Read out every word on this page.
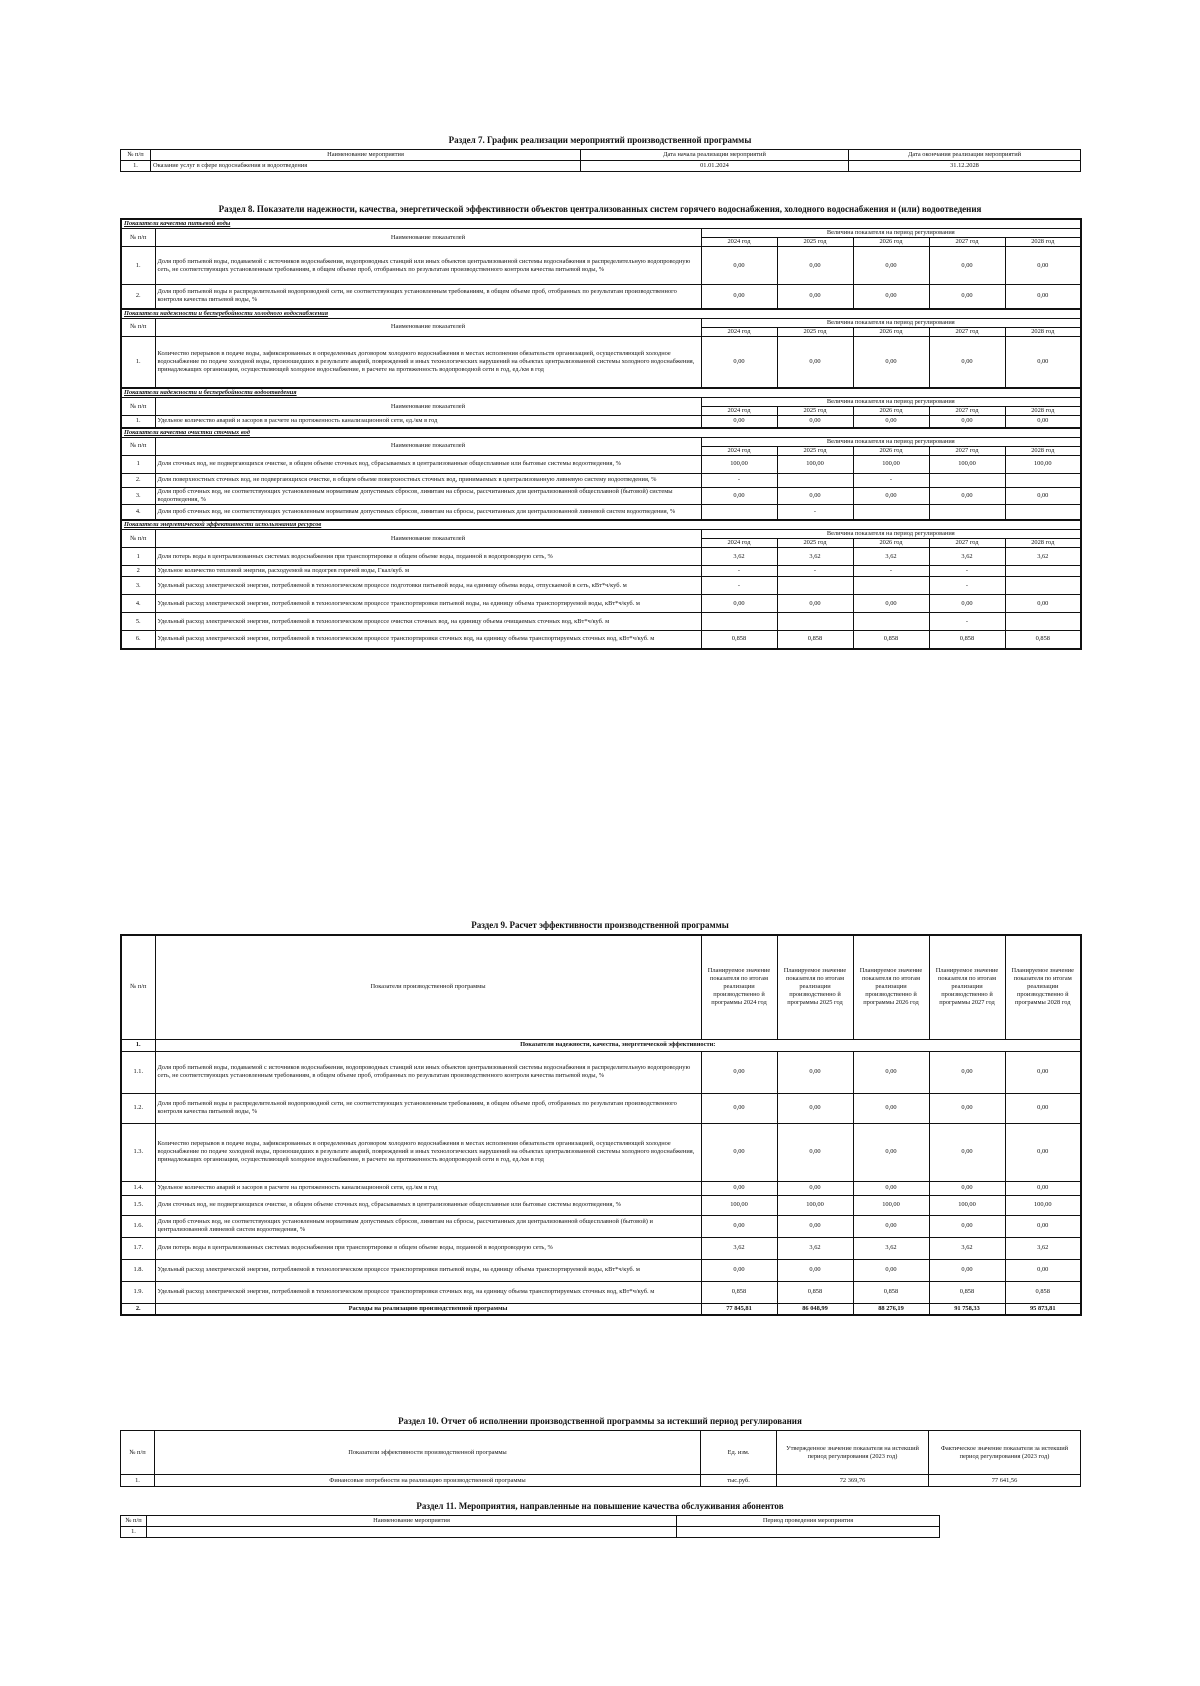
Раздел 7. График реализации мероприятий производственной программы
№ п/п	Наименование мероприятия	Дата начала реализации мероприятий	Дата окончания реализации мероприятий
1.	Оказание услуг в сфере водоснабжения и водоотведения	01.01.2024	31.12.2028
Раздел 8. Показатели надежности, качества, энергетической эффективности объектов централизованных систем горячего водоснабжения, холодного водоснабжения и (или) водоотведения
Показатели качества питьевой воды						
№ п/п	Наименование показателей	Величина показателя на период регулирования				
		2024 год	2025 год	2026 год	2027 год	2028 год
1.	Доля проб питьевой воды, подаваемой с источников водоснабжения, водопроводных станций или иных объектов централизованной системы водоснабжения в распределительную водопроводную сеть, не соответствующих установленным требованиям, в общем объеме проб, отобранных по результатам производственного контроля качества питьевой воды, %	0,00	0,00	0,00	0,00	0,00
2.	Доля проб питьевой воды в распределительной водопроводной сети, не соответствующих установленным требованиям, в общем объеме проб, отобранных по результатам производственного контроля качества питьевой воды, %	0,00	0,00	0,00	0,00	0,00
Показатели надежности и бесперебойности холодного водоснабжения						
№ п/п	Наименование показателей	Величина показателя на период регулирования				
		2024 год	2025 год	2026 год	2027 год	2028 год
1.	Количество перерывов в подаче воды, зафиксированных в определенных договором холодного водоснабжения в местах исполнения обязательств организацией, осуществляющей холодное водоснабжение по подаче холодной воды, произошедших в результате аварий, повреждений и иных технологических нарушений на объектах централизованной системы холодного водоснабжения, принадлежащих организации, осуществляющей холодное водоснабжение, в расчете на протяженность водопроводной сети в год, ед./км в год	0,00	0,00	0,00	0,00	0,00
Показатели надежности и бесперебойности водоотведения						
№ п/п	Наименование показателей	Величина показателя на период регулирования				
		2024 год	2025 год	2026 год	2027 год	2028 год
1.	Удельное количество аварий и засоров в расчете на протяженность канализационной сети, ед./км в год	0,00	0,00	0,00	0,00	0,00
Показатели качества очистки сточных вод						
№ п/п	Наименование показателей	Величина показателя на период регулирования				
		2024 год	2025 год	2026 год	2027 год	2028 год
1	Доля сточных вод, не подвергающихся очистке, в общем объеме сточных вод, сбрасываемых в централизованные общесплавные или бытовые системы водоотведения, %	100,00	100,00	100,00	100,00	100,00
2.	Доля поверхностных сточных вод, не подвергающихся очистке, в общем объеме поверхностных сточных вод, принимаемых в централизованную ливневую систему водоотведения, %	-		-		
3.	Доля проб сточных вод, не соответствующих установленным нормативам допустимых сбросов, лимитам на сбросы, рассчитанных для централизованной общесплавной (бытовой) системы водоотведения, %	0,00	0,00	0,00	0,00	0,00
4.	Доля проб сточных вод, не соответствующих установленным нормативам допустимых сбросов, лимитам на сбросы, рассчитанных для централизованной ливневой систем водоотведения, %		-			
Показатели энергетической эффективности использования ресурсов						
№ п/п	Наименование показателей	Величина показателя на период регулирования				
		2024 год	2025 год	2026 год	2027 год	2028 год
1	Доля потерь воды в централизованных системах водоснабжения при транспортировке в общем объеме воды, поданной в водопроводную сеть, %	3,62	3,62	3,62	3,62	3,62
2	Удельное количество тепловой энергии, расходуемой на подогрев горячей воды, Гкал/куб. м	-	-	-	-	
3.	Удельный расход электрической энергии, потребляемой в технологическом процессе подготовки питьевой воды, на единицу объема воды, отпускаемой в сеть, кВт*ч/куб. м	-			-	
4.	Удельный расход электрической энергии, потребляемой в технологическом процессе транспортировки питьевой воды, на единицу объема транспортируемой воды, кВт*ч/куб. м	0,00	0,00	0,00	0,00	0,00
5.	Удельный расход электрической энергии, потребляемой в технологическом процессе очистки сточных вод, на единицу объема очищаемых сточных вод, кВт*ч/куб. м				-	
6.	Удельный расход электрической энергии, потребляемой в технологическом процессе транспортировки сточных вод, на единицу объема транспортируемых сточных вод, кВт*ч/куб. м	0,858	0,858	0,858	0,858	0,858
Раздел 9. Расчет эффективности производственной программы
№ п/п	Показатели производственной программы	Планируемое значение показателя по итогам реализации производственно й программы 2024 год	Планируемое значение показателя по итогам реализации производственно й программы 2025 год	Планируемое значение показателя по итогам реализации производственно й программы 2026 год	Планируемое значение показателя по итогам реализации производственно й программы 2027 год	Планируемое значение показателя по итогам реализации производственно й программы 2028 год
1.	Показатели надежности, качества, энергетической эффективности:					
1.1.	Доля проб питьевой воды, подаваемой с источников водоснабжения, водопроводных станций или иных объектов централизованной системы водоснабжения в распределительную водопроводную сеть, не соответствующих установленным требованиям, в общем объеме проб, отобранных по результатам производственного контроля качества питьевой воды, %	0,00	0,00	0,00	0,00	0,00
1.2.	Доля проб питьевой воды в распределительной водопроводной сети, не соответствующих установленным требованиям, в общем объеме проб, отобранных по результатам производственного контроля качества питьевой воды, %	0,00	0,00	0,00	0,00	0,00
1.3.	Количество перерывов в подаче воды, зафиксированных в определенных договором холодного водоснабжения в местах исполнения обязательств организацией, осуществляющей холодное водоснабжение по подаче холодной воды, произошедших в результате аварий, повреждений и иных технологических нарушений на объектах централизованной системы холодного водоснабжения, принадлежащих организации, осуществляющей холодное водоснабжение, в расчете на протяженность водопроводной сети в год, ед./км в год	0,00	0,00	0,00	0,00	0,00
1.4.	Удельное количество аварий и засоров в расчете на протяженность канализационной сети, ед./км в год	0,00	0,00	0,00	0,00	0,00
1.5.	Доля сточных вод, не подвергающихся очистке, в общем объеме сточных вод, сбрасываемых в централизованные общесплавные или бытовые системы водоотведения, %	100,00	100,00	100,00	100,00	100,00
1.6.	Доля проб сточных вод, не соответствующих установленным нормативам допустимых сбросов, лимитам на сбросы, рассчитанных для централизованной общесплавной (бытовой) и централизованной ливневой систем водоотведения, %	0,00	0,00	0,00	0,00	0,00
1.7.	Доля потерь воды в централизованных системах водоснабжения при транспортировке в общем объеме воды, поданной в водопроводную сеть, %	3,62	3,62	3,62	3,62	3,62
1.8.	Удельный расход электрической энергии, потребляемой в технологическом процессе транспортировки питьевой воды, на единицу объема транспортируемой воды, кВт*ч/куб. м	0,00	0,00	0,00	0,00	0,00
1.9.	Удельный расход электрической энергии, потребляемой в технологическом процессе транспортировки сточных вод, на единицу объема транспортируемых сточных вод, кВт*ч/куб. м	0,858	0,858	0,858	0,858	0,858
2.	Расходы на реализацию производственной программы	77 845,81	86 048,99	88 276,19	91 758,33	95 873,81
Раздел 10. Отчет об исполнении производственной программы за истекший период регулирования
№ п/п	Показатели эффективности производственной программы	Ед. изм.	Утвержденное значение показателя на истекший период регулирования (2023 год)	Фактическое значение показателя за истекший период регулирования (2023 год)
1.	Финансовые потребности на реализацию производственной программы	тыс.руб.	72 369,76	77 641,56
Раздел 11. Мероприятия, направленные на повышение качества обслуживания абонентов
№ п/п	Наименование мероприятия	Период проведения мероприятия
1.		
